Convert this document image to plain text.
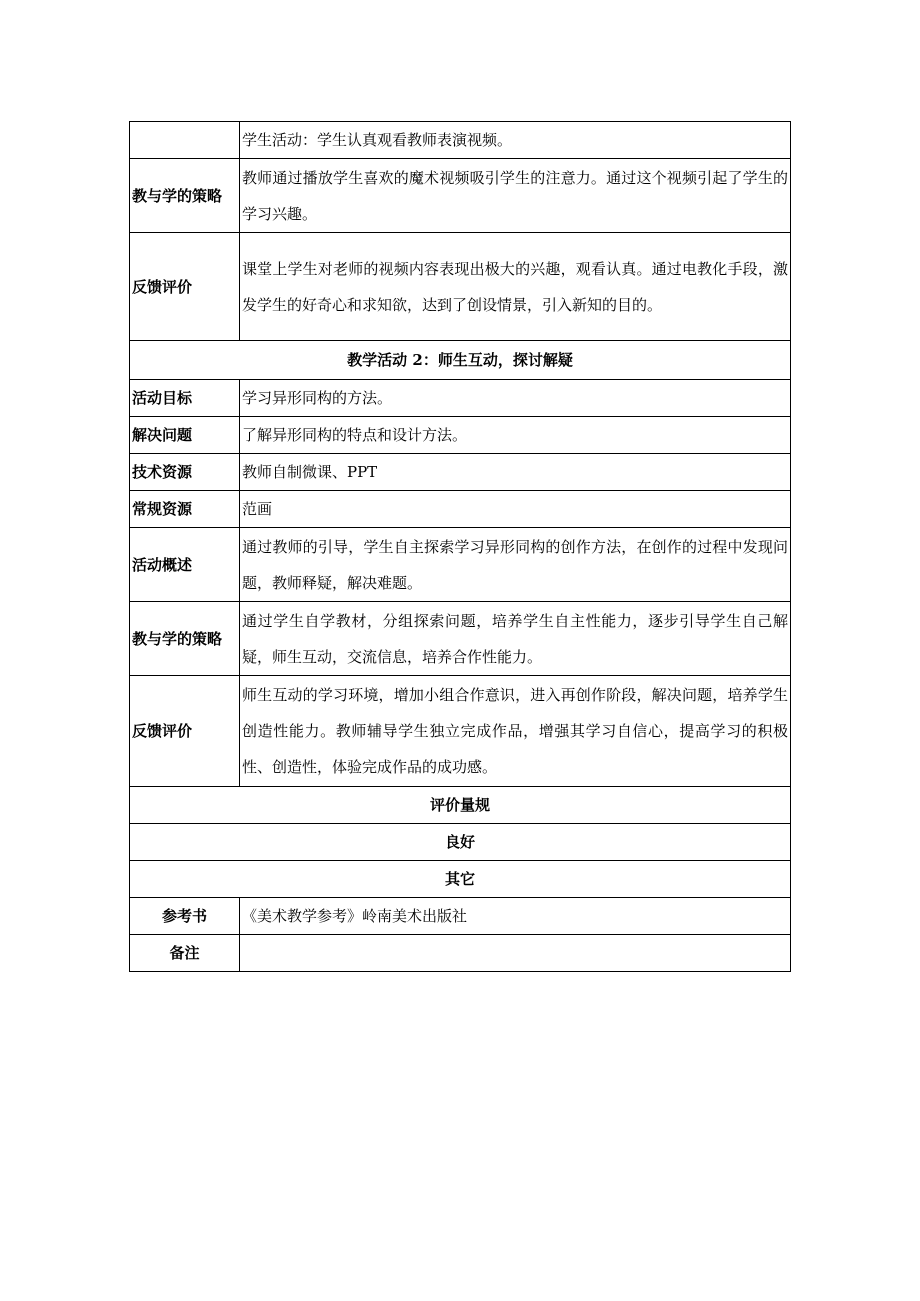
	学生活动：学生认真观看教师表演视频。
教与学的策略	教师通过播放学生喜欢的魔术视频吸引学生的注意力。通过这个视频引起了学生的学习兴趣。
反馈评价	课堂上学生对老师的视频内容表现出极大的兴趣，观看认真。通过电教化手段，激发学生的好奇心和求知欲，达到了创设情景，引入新知的目的。
教学活动 2：师生互动，探讨解疑	
活动目标	学习异形同构的方法。
解决问题	了解异形同构的特点和设计方法。
技术资源	教师自制微课、PPT
常规资源	范画
活动概述	通过教师的引导，学生自主探索学习异形同构的创作方法，在创作的过程中发现问题，教师释疑，解决难题。
教与学的策略	通过学生自学教材，分组探索问题，培养学生自主性能力，逐步引导学生自己解疑，师生互动，交流信息，培养合作性能力。
反馈评价	师生互动的学习环境，增加小组合作意识，进入再创作阶段，解决问题，培养学生创造性能力。教师辅导学生独立完成作品，增强其学习自信心，提高学习的积极性、创造性，体验完成作品的成功感。
评价量规	
良好	
其它	
参考书	《美术教学参考》岭南美术出版社
备注	
